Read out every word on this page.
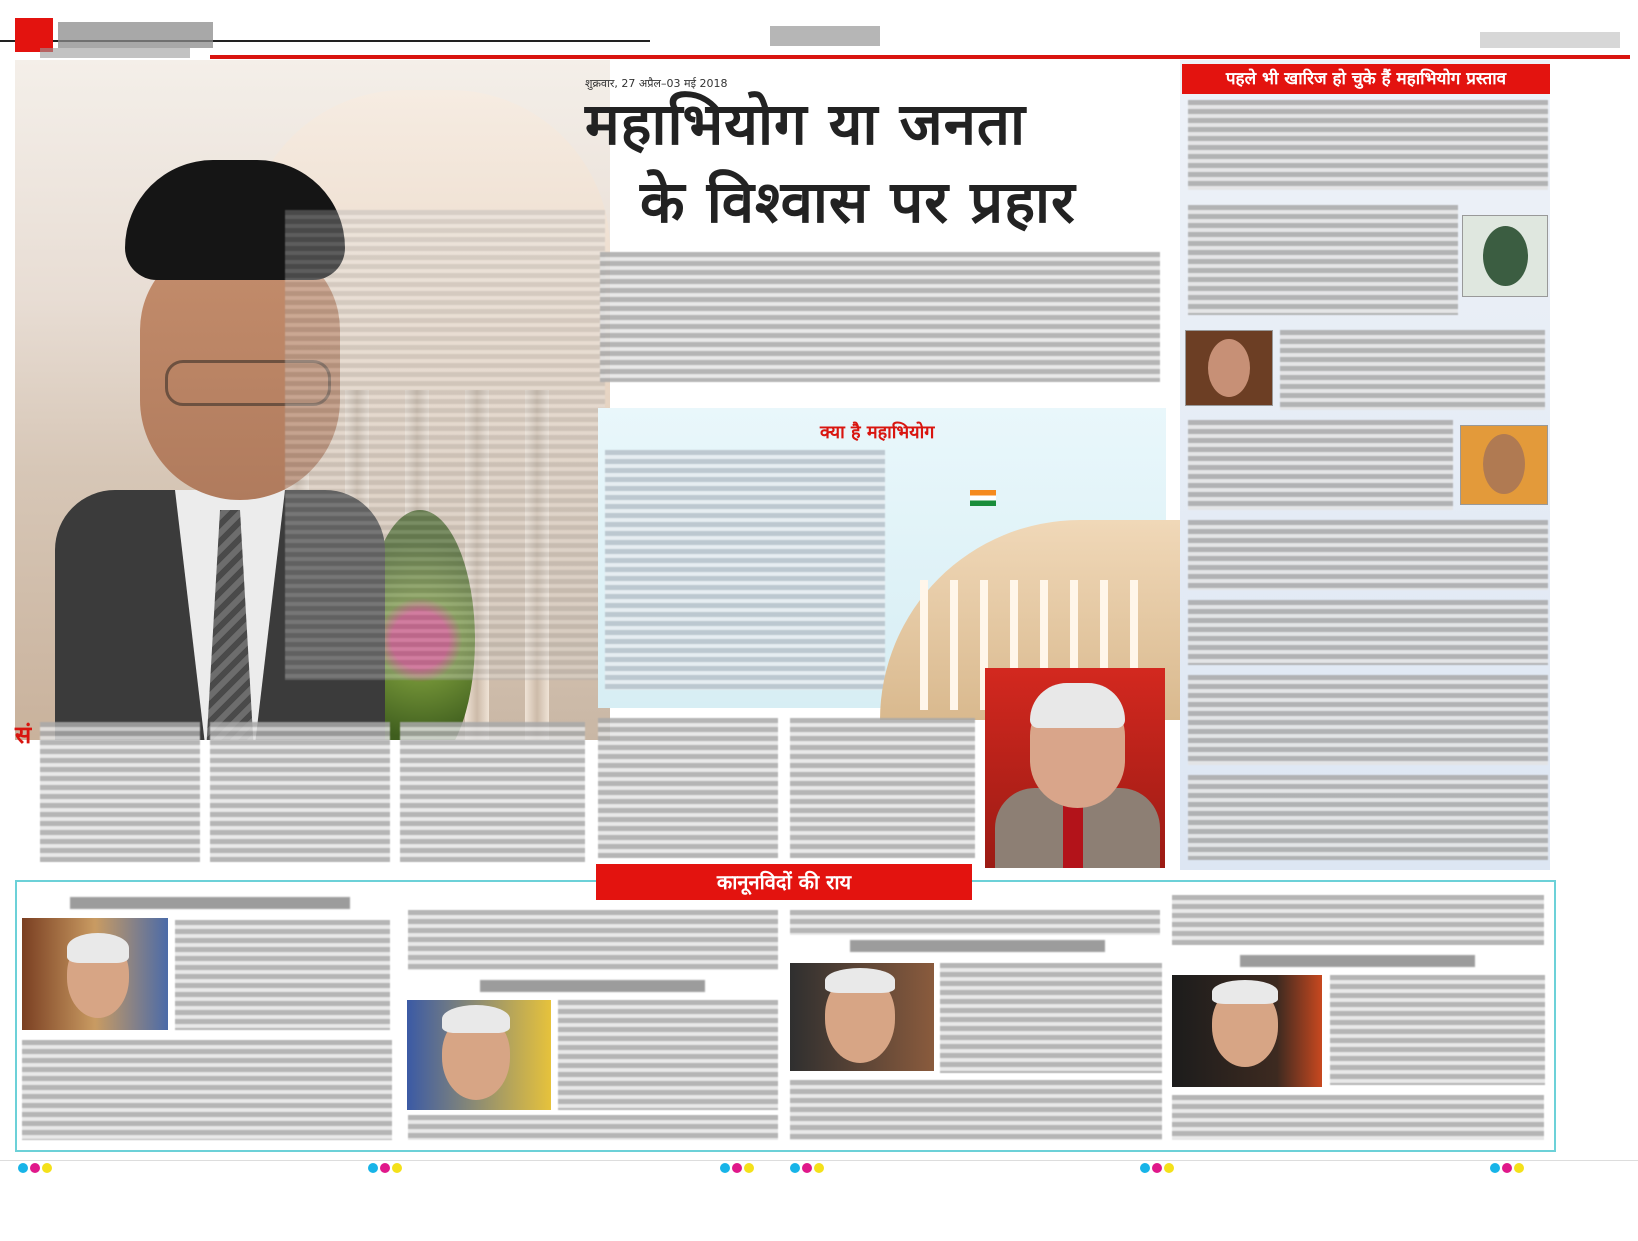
शुक्रवार, 27 अप्रैल–03 मई 2018
महाभियोग या जनता
के विश्वास पर प्रहार
क्या है महाभियोग
सं
पहले भी खारिज हो चुके हैं महाभियोग प्रस्ताव
कानूनविदों की राय
